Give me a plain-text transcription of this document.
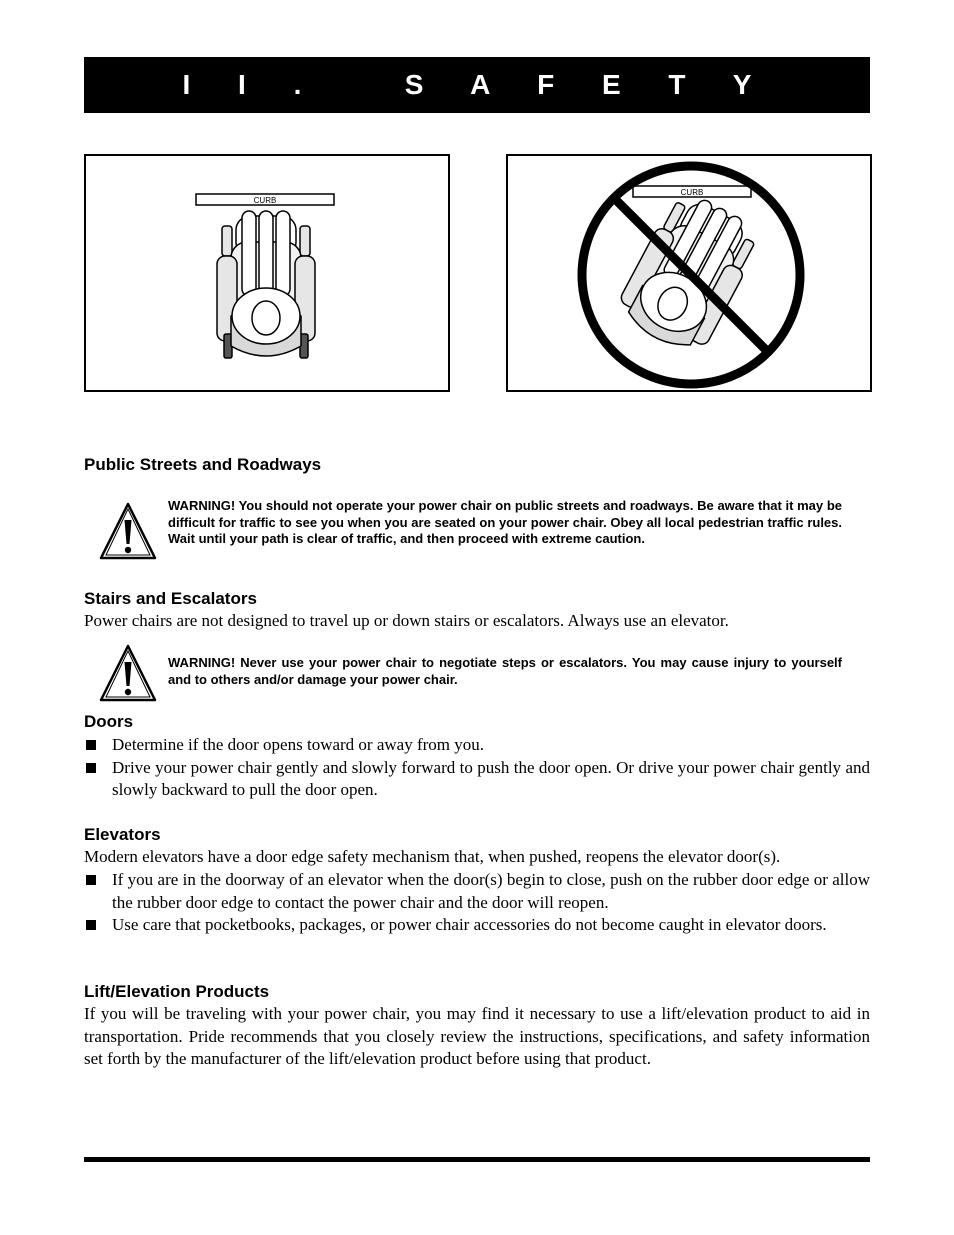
I I .   S A F E T Y
CURB
CURB
Public Streets and Roadways
WARNING! You should not operate your power chair on public streets and roadways. Be aware that it may be difficult for traffic to see you when you are seated on your power chair. Obey all local pedestrian traffic rules. Wait until your path is clear of traffic, and then proceed with extreme caution.
Stairs and Escalators
Power chairs are not designed to travel up or down stairs or escalators. Always use an elevator.
WARNING! Never use your power chair to negotiate steps or escalators. You may cause injury to yourself and to others and/or damage your power chair.
Doors
Determine if the door opens toward or away from you.
Drive your power chair gently and slowly forward to push the door open. Or drive your power chair gently and slowly backward to pull the door open.
Elevators
Modern elevators have a door edge safety mechanism that, when pushed, reopens the elevator door(s).
If you are in the doorway of an elevator when the door(s) begin to close, push on the rubber door edge or allow the rubber door edge to contact the power chair and the door will reopen.
Use care that pocketbooks, packages, or power chair accessories do not become caught in elevator doors.
Lift/Elevation Products
If you will be traveling with your power chair, you may find it necessary to use a lift/elevation product to aid in transportation. Pride recommends that you closely review the instructions, specifications, and safety information set forth by the manufacturer of the lift/elevation product before using that product.
